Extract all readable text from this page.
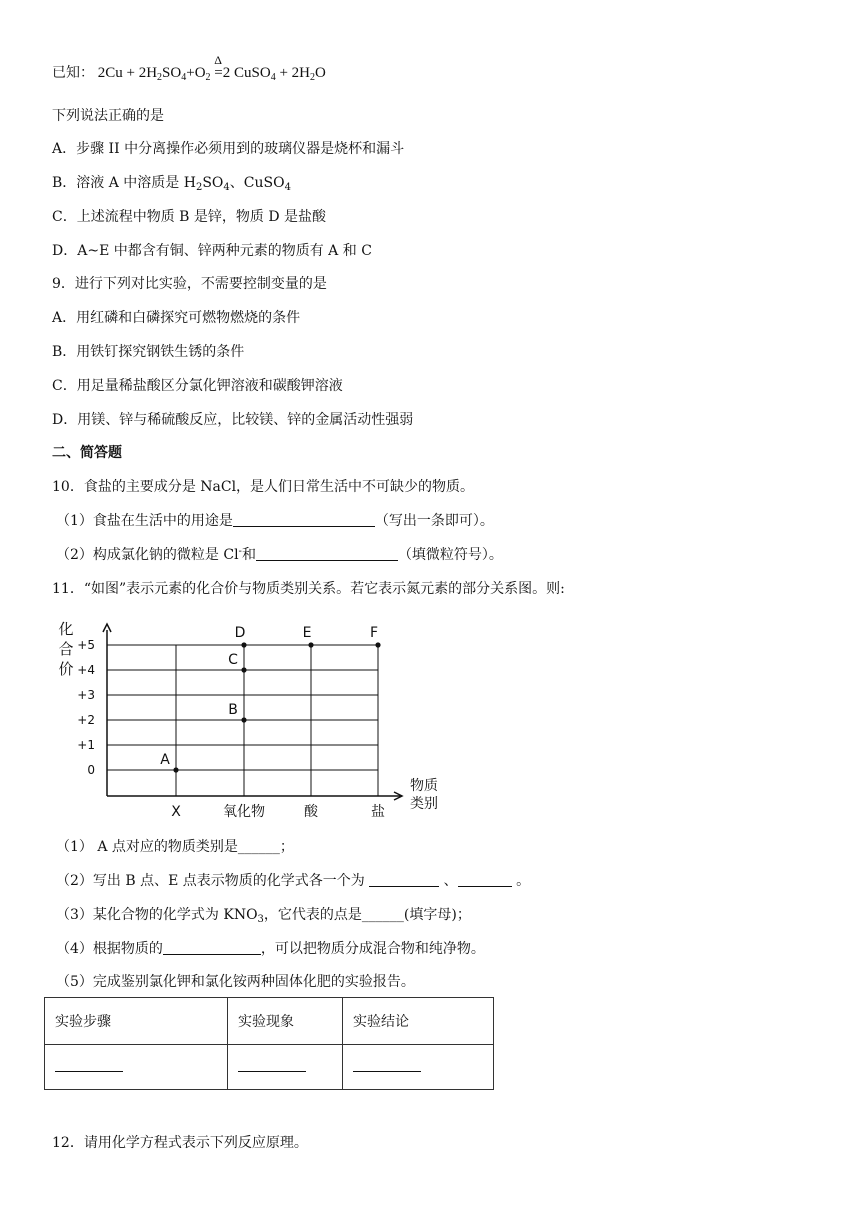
已知： $2Cu + 2H_2SO_4+O_2$
Δ
=2 CuSO$_4$ + $2H_2O$
下列说法正确的是
A．步骤 II 中分离操作必须用到的玻璃仪器是烧杯和漏斗
B．溶液 A 中溶质是 $H_2SO_4$、CuSO$_4$
C．上述流程中物质 B 是锌，物质 D 是盐酸
D．A~E 中都含有铜、锌两种元素的物质有 A 和 C
9．进行下列对比实验，不需要控制变量的是
A．用红磷和白磷探究可燃物燃烧的条件
B．用铁钉探究钢铁生锈的条件
C．用足量稀盐酸区分氯化钾溶液和碳酸钾溶液
D．用镁、锌与稀硫酸反应，比较镁、锌的金属活动性强弱
二、简答题
10．食盐的主要成分是 NaCl，是人们日常生活中不可缺少的物质。
（1）食盐在生活中的用途是	（写出一条即可）。
（2）构成氯化钠的微粒是 Cl-和	（填微粒符号）。
11．“如图”表示元素的化合价与物质类别关系。若它表示氮元素的部分关系图。则:
+5
+4
+3
+2
+1
0
X	氧化物	酸	盐
化
合
价
物质
类别
A
B
C
D	E	F
（1） A 点对应的物质类别是______；
（2）写出 B 点、E 点表示物质的化学式各一个为	、	。
（3）某化合物的化学式为 $KNO_3$，它代表的点是______(填字母)；
（4）根据物质的	，可以把物质分成混合物和纯净物。
（5）完成鉴别氯化钾和氯化铵两种固体化肥的实验报告。
实验步骤	实验现象	实验结论

12．请用化学方程式表示下列反应原理。
